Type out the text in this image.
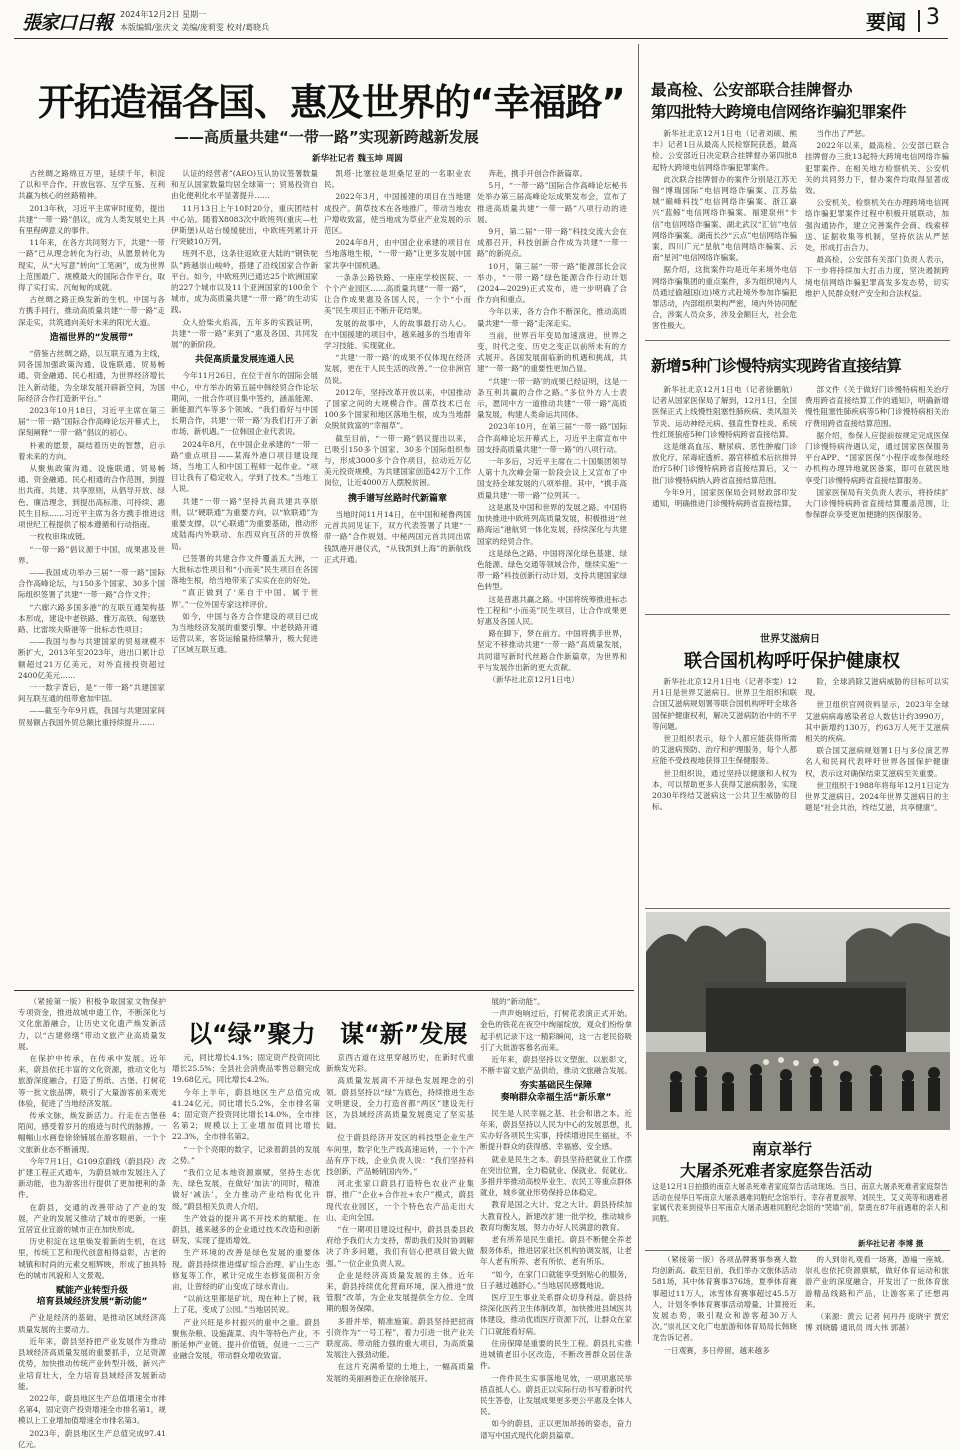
張家口日報 2024年12月2日 星期一
本版编辑/张庆文 美编/庞莉雯 校对/葛晓兵	要闻 3
开拓造福各国、惠及世界的“幸福路”
——高质量共建“一带一路”实现新跨越新发展
新华社记者 魏玉坤 周圆

古丝绸之路绵亘万里，延续千年，积淀了以和平合作、开放包容、互学互鉴、互利共赢为核心的丝路精神。

2013年秋，习近平主席审时度势，提出共建“一带一路”倡议，成为人类发展史上具有里程碑意义的事件。

11年来，在各方共同努力下，共建“一带一路”已从理念转化为行动，从愿景转化为现实，从“大写意”转向“工笔画”，成为世界上范围最广、规模最大的国际合作平台，取得了实打实、沉甸甸的成就。

古丝绸之路正焕发新的生机。中国与各方携手同行，推动高质量共建“一带一路”走深走实，共筑通向美好未来的阳光大道。

造福世界的“发展带”

“借鉴古丝绸之路，以互联互通为主线，同各国加强政策沟通、设施联通、贸易畅通、资金融通、民心相通，为世界经济增长注入新动能，为全球发展开辟新空间，为国际经济合作打造新平台。”

2023年10月18日，习近平主席在第三届“一带一路”国际合作高峰论坛开幕式上，深刻阐释“一带一路”倡议的初心。

朴素的愿景，凝结着历史的智慧，启示着未来的方向。

从聚焦政策沟通、设施联通、贸易畅通、资金融通、民心相通的合作范围，到提出共商、共建、共享原则，从倡导开放、绿色、廉洁理念，到提出高标准、可持续、惠民生目标……习近平主席为各方携手推进这项世纪工程提供了根本遵循和行动指南。

一枚枚串珠成链。

“一带一路”倡议源于中国，成果惠及世界。

——我国成功举办三届“一带一路”国际合作高峰论坛，与150多个国家、30多个国际组织签署了共建“一带一路”合作文件；

“六廊六路多国多港”的互联互通架构基本形成，建设中老铁路、雅万高铁、匈塞铁路、比雷埃夫斯港等一批标志性项目；

——我国与参与共建国家的贸易规模不断扩大，2013年至2023年，进出口累计总额超过21万亿美元，对外直接投资超过2400亿美元……

一一数字背后，是“一带一路”共建国家间互联互通的纽带愈加牢固。

——截至今年9月底，我国与共建国家间贸易额占我国外贸总额比重持续提升……

认证的经营者”(AEO)互认协议签署数量和互认国家数量均居全球第一；贸易投资自由化便利化水平显著提升……

11月13日上午10时20分，重庆团结村中心站。随着X8083次中欧班列(重庆—杜伊斯堡)从站台缓缓驶出，中欧班列累计开行突破10万列。

班列不息，这条往返欧亚大陆的“钢铁驼队”跨越崇山峻岭，搭建了沿线国家合作新平台。如今，中欧班列已通达25个欧洲国家的227个城市以及11个亚洲国家的100余个城市，成为高质量共建“一带一路”的生动实践。

众人拾柴火焰高，五年多的实践证明，共建“一带一路”来到了“惠及各国、共同发展”的新阶段。

共促高质量发展连通人民

今年11月26日，在位于首尔的国际会展中心，中方举办的第五届中韩经贸合作论坛期间，一批合作项目集中签约，涵盖能源、新能源汽车等多个领域。“我们看好与中国长期合作，共建‘一带一路’为我们打开了新市场、新机遇。”一位韩国企业代表说。

2024年8月，在中国企业承建的“一带一路”重点项目——某海外港口项目建设现场，当地工人和中国工程师一起作业。“项目让我有了稳定收入，学到了技术。”当地工人说。

共建“一带一路”坚持共商共建共享原则，以“硬联通”为重要方向，以“软联通”为重要支撑，以“心联通”为重要基础，推动形成陆海内外联动、东西双向互济的开放格局。

已签署的共建合作文件覆盖五大洲，一大批标志性项目和“小而美”民生项目在各国落地生根，给当地带来了实实在在的好处。

“真正做到了‘来自于中国、属于世界’。”一位外国专家这样评价。

如今，中国与各方合作建设的项目已成为当地经济发展的重要引擎。中老铁路开通运营以来，客货运输量持续攀升，极大促进了区域互联互通。

凯塔·比塞拉是坦桑尼亚的一名职业农民。

2022年3月，中国援建的项目在当地建成投产。菌草技术在各地推广，带动当地农户增收致富，使当地成为草业产业发展的示范区。

2024年8月，由中国企业承建的项目在当地落地生根，“一带一路”让更多发展中国家共享中国机遇。

一条条公路铁路、一座座学校医院、一个个产业园区……高质量共建“一带一路”，让合作成果惠及各国人民，一个个“小而美”民生项目正不断开花结果。

发展的故事中，人的故事最打动人心。在中国援建的项目中，越来越多的当地青年学习技能、实现就业。

“共建‘一带一路’的成果不仅体现在经济发展，更在于人民生活的改善。”一位非洲官员说。

2012年，坚持改革开放以来，中国推动了国家之间的大规模合作。菌草技术已在100多个国家和地区落地生根，成为当地群众脱贫致富的“幸福草”。

截至目前，“一带一路”倡议提出以来，已吸引150多个国家、30多个国际组织参与，形成3000多个合作项目，拉动近万亿美元投资规模，为共建国家创造42万个工作岗位，让近4000万人摆脱贫困。

携手谱写丝路时代新篇章

当地时间11月14日，在中国和秘鲁两国元首共同见证下，双方代表签署了共建“一带一路”合作规划。中秘两国元首共同出席钱凯港开港仪式，“从钱凯到上海”的新航线正式开通。

奔赴，携手开创合作新篇章。

5月，“一带一路”国际合作高峰论坛秘书处举办第三届高峰论坛成果发布会，宣布了推进高质量共建“一带一路”八项行动的进展。

9月，第二届“一带一路”科技交流大会在成都召开，科技创新合作成为共建“一带一路”的新亮点。

10月，第三届“一带一路”能源部长会议举办，“一带一路”绿色能源合作行动计划(2024—2029)正式发布，进一步明确了合作方向和重点。

今年以来，各方合作不断深化，推动高质量共建“一带一路”走深走实。

当前，世界百年变局加速演进，世界之变、时代之变、历史之变正以前所未有的方式展开。各国发展面临新的机遇和挑战，共建“一带一路”的重要性更加凸显。

“共建‘一带一路’的成果已经证明，这是一条互利共赢的合作之路。”多位外方人士表示，愿同中方一道推动共建“一带一路”高质量发展，构建人类命运共同体。

2023年10月，在第三届“一带一路”国际合作高峰论坛开幕式上，习近平主席宣布中国支持高质量共建“一带一路”的八项行动。

一年多后，习近平主席在二十国集团领导人第十九次峰会第一阶段会议上又宣布了中国支持全球发展的八项举措。其中，“携手高质量共建‘一带一路’”位列其一。

这是惠及中国和世界的发展之路。中国将加快推进中欧班列高质量发展，积极推进“丝路海运”港航贸一体化发展，持续深化与共建国家的经贸合作。

这是绿色之路。中国将深化绿色基建、绿色能源、绿色交通等领域合作，继续实施“一带一路”科技创新行动计划，支持共建国家绿色转型。

这是普惠共赢之路。中国将统筹推进标志性工程和“小而美”民生项目，让合作成果更好惠及各国人民。

路在脚下，梦在前方。中国将携手世界，坚定不移推动共建“一带一路”高质量发展，共同谱写新时代丝路合作新篇章，为世界和平与发展作出新的更大贡献。

（新华社北京12月1日电）

最高检、公安部联合挂牌督办
第四批特大跨境电信网络诈骗犯罪案件

新华社北京12月1日电（记者刘硕、熊丰）记者1日从最高人民检察院获悉，最高检、公安部近日决定联合挂牌督办第四批8起特大跨境电信网络诈骗犯罪案件。

此次联合挂牌督办的案件分别是江苏无锡“博瑞国际”电信网络诈骗案、江苏盐城“巅峰科技”电信网络诈骗案、浙江嘉兴“蓝鲸”电信网络诈骗案、福建泉州“卡信”电信网络诈骗案、湖北武汉“汇信”电信网络诈骗案、湖南长沙“云点”电信网络诈骗案、四川广元“星航”电信网络诈骗案、云南“星河”电信网络诈骗案。

据介绍，这批案件均是近年来境外电信网络诈骗集团的重点案件，多为组织境内人员通过偷越国(边)境方式赴境外参加诈骗犯罪活动，内部组织架构严密，境内外协同配合，涉案人员众多，涉及金额巨大，社会危害性极大。

当作出了严惩。

2022年以来，最高检、公安部已联合挂牌督办三批13起特大跨境电信网络诈骗犯罪案件。在相关地方检察机关、公安机关的共同努力下，督办案件均取得显著成效。

公安机关、检察机关在办理跨境电信网络诈骗犯罪案件过程中积极开展联动，加强沟通协作，建立完善案件会商、线索移送、证据收集等机制，坚持依法从严惩处，形成打击合力。

最高检、公安部有关部门负责人表示，下一步将持续加大打击力度，坚决遏制跨境电信网络诈骗犯罪高发多发态势，切实维护人民群众财产安全和合法权益。

新增5种门诊慢特病实现跨省直接结算

新华社北京12月1日电（记者徐鹏航）记者从国家医保局了解到，12月1日，全国医保正式上线慢性阻塞性肺疾病、类风湿关节炎、运动神经元病、强直性脊柱炎、系统性红斑狼疮5种门诊慢特病跨省直接结算。

这是继高血压、糖尿病、恶性肿瘤门诊放化疗、尿毒症透析、器官移植术后抗排异治疗5种门诊慢特病跨省直接结算后，又一批门诊慢特病纳入跨省直接结算范围。

今年9月，国家医保局会同财政部印发通知，明确推进门诊慢特病跨省直接结算。

部文件《关于做好门诊慢特病相关治疗费用跨省直接结算工作的通知》，明确新增慢性阻塞性肺疾病等5种门诊慢特病相关治疗费用跨省直接结算范围。

据介绍，参保人应提前按规定完成医保门诊慢特病待遇认定，通过国家医保服务平台APP、“国家医保”小程序或参保地经办机构办理异地就医备案，即可在就医地享受门诊慢特病跨省直接结算服务。

国家医保局有关负责人表示，将持续扩大门诊慢特病跨省直接结算覆盖范围，让参保群众享受更加便捷的医保服务。

世界艾滋病日
联合国机构呼吁保护健康权

新华社北京12月1日电（记者李雯）12月1日是世界艾滋病日。世界卫生组织和联合国艾滋病规划署等联合国机构呼吁全球各国保护健康权利，解决艾滋病防治中的不平等问题。

世卫组织表示，每个人都应能获得所需的艾滋病预防、治疗和护理服务，每个人都应能不受歧视地获得卫生保健服务。

世卫组织说，通过坚持以健康和人权为本，可以帮助更多人获得艾滋病服务，实现2030年终结艾滋病这一公共卫生威胁的目标。

险，全球消除艾滋病威胁的目标可以实现。

世卫组织官网资料显示，2023年全球艾滋病病毒感染者总人数估计约3990万，其中新增约130万，约63万人死于艾滋病相关的疾病。

联合国艾滋病规划署1日与多位演艺界名人和民间代表呼吁世界各国保护健康权，表示这对确保结束艾滋病至关重要。

世卫组织于1988年将每年12月1日定为世界艾滋病日。2024年世界艾滋病日的主题是“社会共治，终结艾滋，共享健康”。

以“绿”聚力 谋“新”发展

（紧接第一版）积极争取国家文物保护专项资金，推进故城申遗工作，不断深化与文化旅游融合，让历史文化遗产焕发新活力，以“古建修缮”带动文旅产业高质量发展。

在保护中传承，在传承中发展。近年来，蔚县依托丰富的文化资源，推动文化与旅游深度融合，打造了剪纸、古堡、打树花等一批文旅品牌，吸引了大量游客前来观光体验，促进了当地经济发展。

传承文脉，焕发新活力。行走在古堡巷陌间，感受着岁月的痕迹与时代的脉搏。一幅幅山水画卷徐徐铺展在游客眼前，一个个文旅新业态不断涌现。

今年7月1日，G109京蔚线（蔚县段）改扩建工程正式通车，为蔚县城市发展注入了新动能，也为游客出行提供了更加便利的条件。

在蔚县，交通的改善带动了产业的发展，产业的发展又推动了城市的更新，一座宜居宜业宜游的城市正在加快形成。

历史积淀在这里焕发着新的生机，在这里，传统工艺和现代创意相得益彰，古老的城镇和时尚的元素交相辉映，形成了独具特色的城市风貌和人文景观。

赋能产业转型升级
培育县域经济发展“新动能”

产业是经济的基础，是推动区域经济高质量发展的主要动力。

近年来，蔚县坚持把产业发展作为推动县域经济高质量发展的重要抓手，立足资源优势，加快推动传统产业转型升级、新兴产业培育壮大，全力培育县域经济发展新动能。

2022年，蔚县地区生产总值增速全市排名第4，固定资产投资增速全市排名第1，规模以上工业增加值增速全市排名第3。

2023年，蔚县地区生产总值完成97.41亿元。

元，同比增长4.1%；固定资产投资同比增长25.5%；全县社会消费品零售总额完成19.68亿元，同比增长4.2%。

今年上半年，蔚县地区生产总值完成41.24亿元，同比增长5.2%，全市排名第4；固定资产投资同比增长14.0%，全市排名第2；规模以上工业增加值同比增长22.3%，全市排名第2。

“一个个亮眼的数字，记录着蔚县的发展之势。”

“我们立足本地资源禀赋，坚持生态优先、绿色发展，在做好‘加法’的同时，精准做好‘减法’，全力推动产业结构优化升级。”蔚县相关负责人介绍。

生产效益的提升离不开技术的赋能。在蔚县，越来越多的企业通过技术改造和创新研发，实现了提质增效。

生产环境的改善是绿色发展的重要体现。蔚县持续推进煤矿综合治理、矿山生态修复等工作，累计完成生态修复面积万余亩，让曾经的矿山变成了绿水青山。

“以前这里都是矿坑，现在种上了树，栽上了花，变成了公园。”当地居民说。

产业兴旺是乡村振兴的重中之重。蔚县聚焦杂粮、设施蔬菜、肉牛等特色产业，不断延伸产业链、提升价值链，促进一二三产业融合发展，带动群众增收致富。

京西古道在这里穿越历史，在新时代重新焕发光彩。

高质量发展离不开绿色发展理念的引领。蔚县坚持以“绿”为底色，持续推进生态文明建设，全力打造首都“两区”建设先行区，为县域经济高质量发展奠定了坚实基础。

位于蔚县经济开发区的科技型企业生产车间里，数字化生产线高速运转，一个个产品有序下线，企业负责人说：“我们坚持科技创新，产品畅销国内外。”

河北张家口蔚县打造特色农业产业集群，推广“企业+合作社+农户”模式，蔚县现代农业园区，一个个特色农产品走出大山、走向全国。

“在一期项目建设过程中，蔚县县委县政府给予我们大力支持，帮助我们及时协调解决了许多问题，我们有信心把项目做大做强。”一位企业负责人说。

企业是经济高质量发展的主体。近年来，蔚县持续优化营商环境，深入推进“放管服”改革，为企业发展提供全方位、全周期的服务保障。

多措并举，精准施策。蔚县坚持把招商引资作为“一号工程”，着力引进一批产业关联度高、带动能力强的重大项目，为高质量发展注入强劲动能。

在这片充满希望的土地上，一幅高质量发展的美丽画卷正在徐徐展开。

展的“新动能”。

一声声炮响过后，打树花表演正式开始。金色的铁花在夜空中绚丽绽放，观众们纷纷拿起手机记录下这一精彩瞬间，这一古老民俗吸引了大批游客慕名而来。

近年来，蔚县坚持以文塑旅、以旅彰文，不断丰富文旅产品供给，推动文旅融合发展。

夯实基础民生保障
奏响群众幸福生活“新乐章”

民生是人民幸福之基、社会和谐之本。近年来，蔚县坚持以人民为中心的发展思想，扎实办好各项民生实事，持续增进民生福祉，不断提升群众的获得感、幸福感、安全感。

就业是民生之本。蔚县坚持把就业工作摆在突出位置，全力稳就业、保就业、促就业。多措并举推动高校毕业生、农民工等重点群体就业，城乡就业形势保持总体稳定。

教育是国之大计、党之大计。蔚县持续加大教育投入，新建改扩建一批学校，推动城乡教育均衡发展，努力办好人民满意的教育。

老有所养是民生重托。蔚县不断健全养老服务体系，推进居家社区机构协调发展，让老年人老有所养、老有所依、老有所乐。

“如今，在家门口就能享受到贴心的服务，日子越过越舒心。”当地居民感慨地说。

医疗卫生事业关系群众切身利益。蔚县持续深化医药卫生体制改革，加快推进县域医共体建设，推动优质医疗资源下沉，让群众在家门口就能看好病。

住房保障是重要的民生工程。蔚县扎实推进城镇老旧小区改造，不断改善群众居住条件。

一件件民生实事落地见效，一项项惠民举措直抵人心。蔚县正以实际行动书写着新时代民生答卷，让发展成果更多更公平惠及全体人民。

如今的蔚县，正以更加昂扬的姿态，奋力谱写中国式现代化蔚县篇章。

南京举行
大屠杀死难者家庭祭告活动
这是12月1日拍摄的南京大屠杀死难者家庭祭告活动现场。当日，南京大屠杀死难者家庭祭告活动在侵华日军南京大屠杀遇难同胞纪念馆举行。幸存者夏淑琴、刘民生、艾义英等和遇难者家属代表来到侵华日军南京大屠杀遇难同胞纪念馆的“哭墙”前，祭奠在87年前遇难的亲人和同胞。
新华社记者 李博 摄

（紧接第一版）各项品牌赛事参赛人数均创新高。截至目前，我们举办文旅体活动581场，其中体育赛事376场，夏季体育赛事超过11万人，冰雪体育赛事超过45.5万人，计划冬季体育赛事活动增量、计算接近发展态势，吸引观众和游客超30万人次。”崇礼区文化广电旅游和体育局局长韩晓龙告诉记者。

一日观赛，多日停留，越来越多

的人到崇礼观看一场赛，游遍一座城。崇礼也依托资源禀赋，做好体育运动和旅游产业的深度融合，开发出了一批体育旅游精品线路和产品，让游客来了还想再来。

（来源：黄云 记者 何丹丹 庞晓宇 贾宏博 刘晓璐 通讯员 周大伟 郭蔷）
